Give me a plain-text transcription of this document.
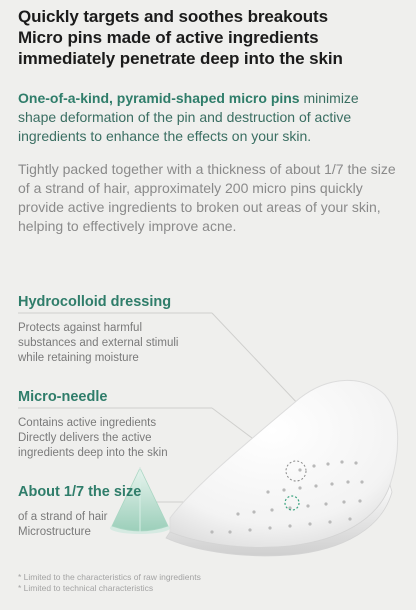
Quickly targets and soothes breakouts
Micro pins made of active ingredients
immediately penetrate deep into the skin
One-of-a-kind, pyramid-shaped micro pins minimize shape deformation of the pin and destruction of active ingredients to enhance the effects on your skin.
Tightly packed together with a thickness of about 1/7 the size of a strand of hair, approximately 200 micro pins quickly provide active ingredients to broken out areas of your skin, helping to effectively improve acne.
Hydrocolloid dressing
Protects against harmful
substances and external stimuli
while retaining moisture
Micro-needle
Contains active ingredients
Directly delivers the active
ingredients deep into the skin
About 1/7 the size
of a strand of hair
Microstructure
* Limited to the characteristics of raw ingredients
* Limited to technical characteristics
